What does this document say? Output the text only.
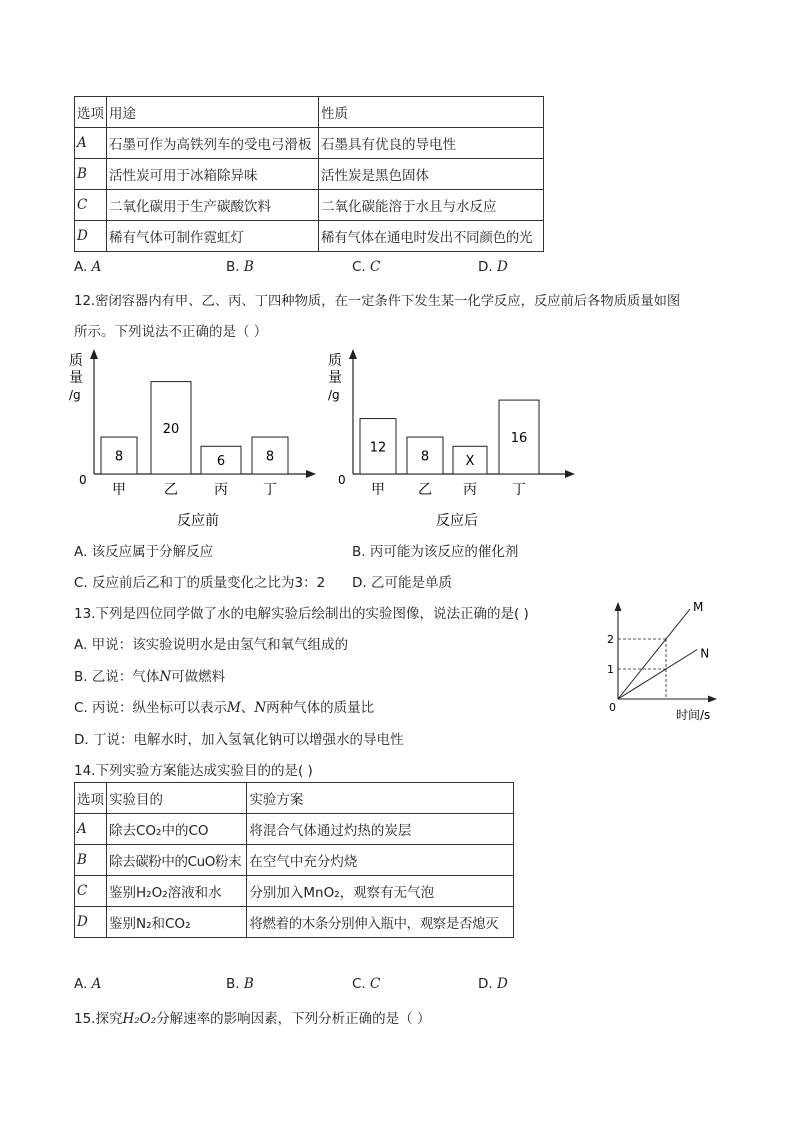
选项	用途	性质
A	石墨可作为高铁列车的受电弓滑板	石墨具有优良的导电性
B	活性炭可用于冰箱除异味	活性炭是黑色固体
C	二氧化碳用于生产碳酸饮料	二氧化碳能溶于水且与水反应
D	稀有气体可制作霓虹灯	稀有气体在通电时发出不同颜色的光
A. A	B. B	C. C	D. D
12.密闭容器内有甲、乙、丙、丁四种物质，在一定条件下发生某一化学反应，反应前后各物质质量如图
所示。下列说法不正确的是（ ）
质
量
/g
0
8
甲
20
乙
6
丙
8
丁
反应前
质
量
/g
0
12
甲
8
乙
X
丙
16
丁
反应后
A. 该反应属于分解反应	B. 丙可能为该反应的催化剂
C. 反应前后乙和丁的质量变化之比为3：2 D. 乙可能是单质
13.下列是四位同学做了水的电解实验后绘制出的实验图像，说法正确的是( )
A. 甲说：该实验说明水是由氢气和氧气组成的
B. 乙说：气体N可做燃料
C. 丙说：纵坐标可以表示M、N两种气体的质量比
D. 丁说：电解水时，加入氢氧化钠可以增强水的导电性
0
时间/s
1
2
M
N
14.下列实验方案能达成实验目的的是( )
选项	实验目的	实验方案
A	除去CO₂中的CO	将混合气体通过灼热的炭层
B	除去碳粉中的CuO粉末	在空气中充分灼烧
C	鉴别H₂O₂溶液和水	分别加入MnO₂，观察有无气泡
D	鉴别N₂和CO₂	将燃着的木条分别伸入瓶中，观察是否熄灭
A. A	B. B	C. C	D. D
15.探究H₂O₂分解速率的影响因素，下列分析正确的是（ ）
